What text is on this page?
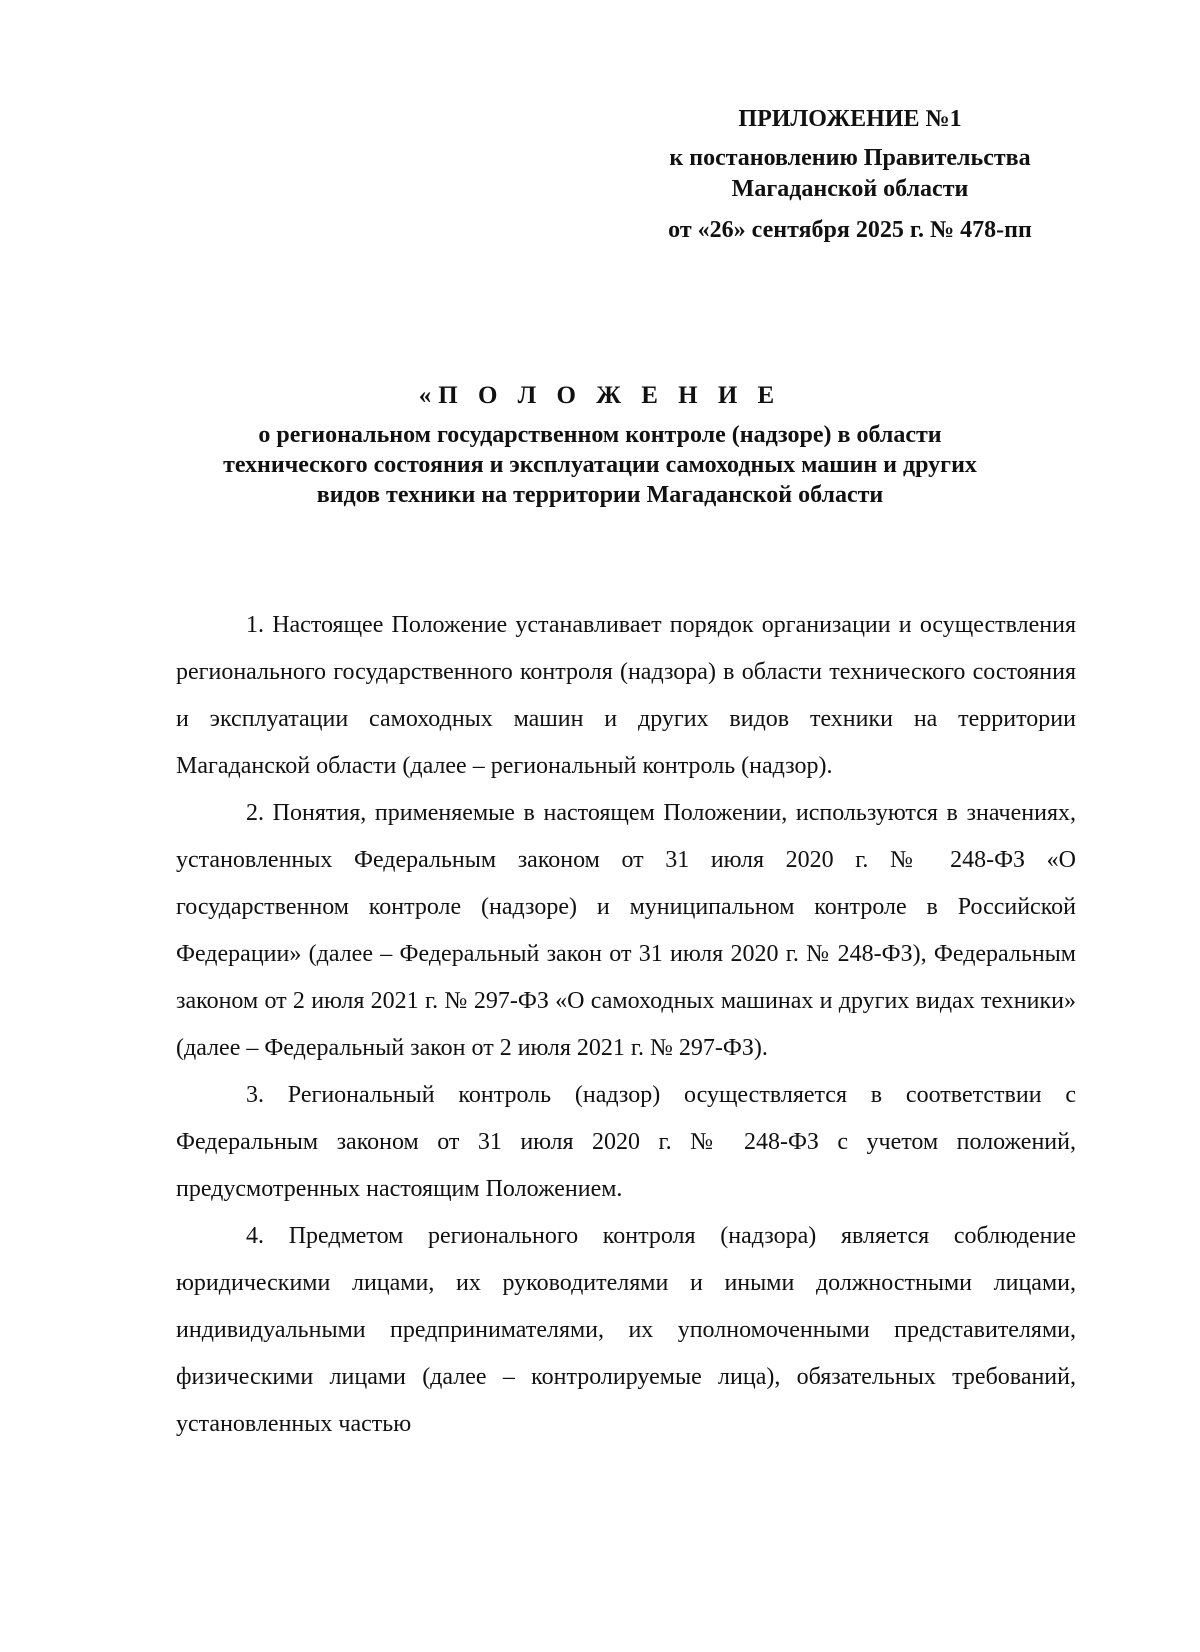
ПРИЛОЖЕНИЕ №1
к постановлению Правительства
Магаданской области
от «26» сентября 2025 г. № 478-пп
«П О Л О Ж Е Н И Е
о региональном государственном контроле (надзоре) в области
технического состояния и эксплуатации самоходных машин и других
видов техники на территории Магаданской области

1. Настоящее Положение устанавливает порядок организации и осуществления регионального государственного контроля (надзора) в области технического состояния и эксплуатации самоходных машин и других видов техники на территории Магаданской области (далее – региональный контроль (надзор).

2. Понятия, применяемые в настоящем Положении, используются в значениях, установленных Федеральным законом от 31 июля 2020 г. № 248-ФЗ «О государственном контроле (надзоре) и муниципальном контроле в Российской Федерации» (далее – Федеральный закон от 31 июля 2020 г. № 248-ФЗ), Федеральным законом от 2 июля 2021 г. № 297-ФЗ «О самоходных машинах и других видах техники» (далее – Федеральный закон от 2 июля 2021 г. № 297-ФЗ).

3. Региональный контроль (надзор) осуществляется в соответствии с Федеральным законом от 31 июля 2020 г. № 248-ФЗ с учетом положений, предусмотренных настоящим Положением.

4. Предметом регионального контроля (надзора) является соблюдение юридическими лицами, их руководителями и иными должностными лицами, индивидуальными предпринимателями, их уполномоченными представителями, физическими лицами (далее – контролируемые лица), обязательных требований, установленных частью
